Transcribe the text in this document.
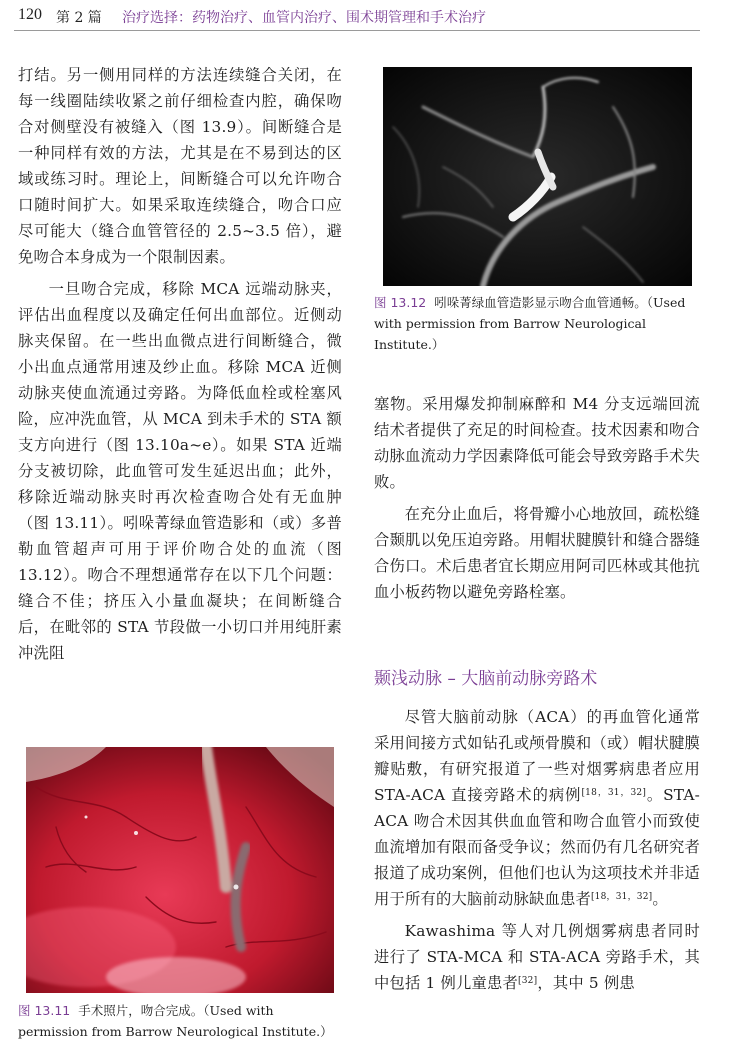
120 第 2 篇 治疗选择：药物治疗、血管内治疗、围术期管理和手术治疗

打结。另一侧用同样的方法连续缝合关闭，在每一线圈陆续收紧之前仔细检查内腔，确保吻合对侧壁没有被缝入（图 13.9）。间断缝合是一种同样有效的方法，尤其是在不易到达的区域或练习时。理论上，间断缝合可以允许吻合口随时间扩大。如果采取连续缝合，吻合口应尽可能大（缝合血管管径的 2.5~3.5 倍），避免吻合本身成为一个限制因素。

一旦吻合完成，移除 MCA 远端动脉夹，评估出血程度以及确定任何出血部位。近侧动脉夹保留。在一些出血微点进行间断缝合，微小出血点通常用速及纱止血。移除 MCA 近侧动脉夹使血流通过旁路。为降低血栓或栓塞风险，应冲洗血管，从 MCA 到未手术的 STA 额支方向进行（图 13.10a~e）。如果 STA 近端分支被切除，此血管可发生延迟出血；此外，移除近端动脉夹时再次检查吻合处有无血肿（图 13.11）。吲哚菁绿血管造影和（或）多普勒血管超声可用于评价吻合处的血流（图 13.12）。吻合不理想通常存在以下几个问题：缝合不佳；挤压入小量血凝块；在间断缝合后，在毗邻的 STA 节段做一小切口并用纯肝素冲洗阻

图 13.12 吲哚菁绿血管造影显示吻合血管通畅。（Used with permission from Barrow Neurological Institute.）

塞物。采用爆发抑制麻醉和 M4 分支远端回流结术者提供了充足的时间检查。技术因素和吻合动脉血流动力学因素降低可能会导致旁路手术失败。

在充分止血后，将骨瓣小心地放回，疏松缝合颞肌以免压迫旁路。用帽状腱膜针和缝合器缝合伤口。术后患者宜长期应用阿司匹林或其他抗血小板药物以避免旁路栓塞。

颞浅动脉 – 大脑前动脉旁路术

尽管大脑前动脉（ACA）的再血管化通常采用间接方式如钻孔或颅骨膜和（或）帽状腱膜瓣贴敷，有研究报道了一些对烟雾病患者应用 STA-ACA 直接旁路术的病例[18，31，32]。STA-ACA 吻合术因其供血血管和吻合血管小而致使血流增加有限而备受争议；然而仍有几名研究者报道了成功案例，但他们也认为这项技术并非适用于所有的大脑前动脉缺血患者[18，31，32]。

Kawashima 等人对几例烟雾病患者同时进行了 STA-MCA 和 STA-ACA 旁路手术，其中包括 1 例儿童患者[32]，其中 5 例患

图 13.11 手术照片，吻合完成。（Used with permission from Barrow Neurological Institute.）
